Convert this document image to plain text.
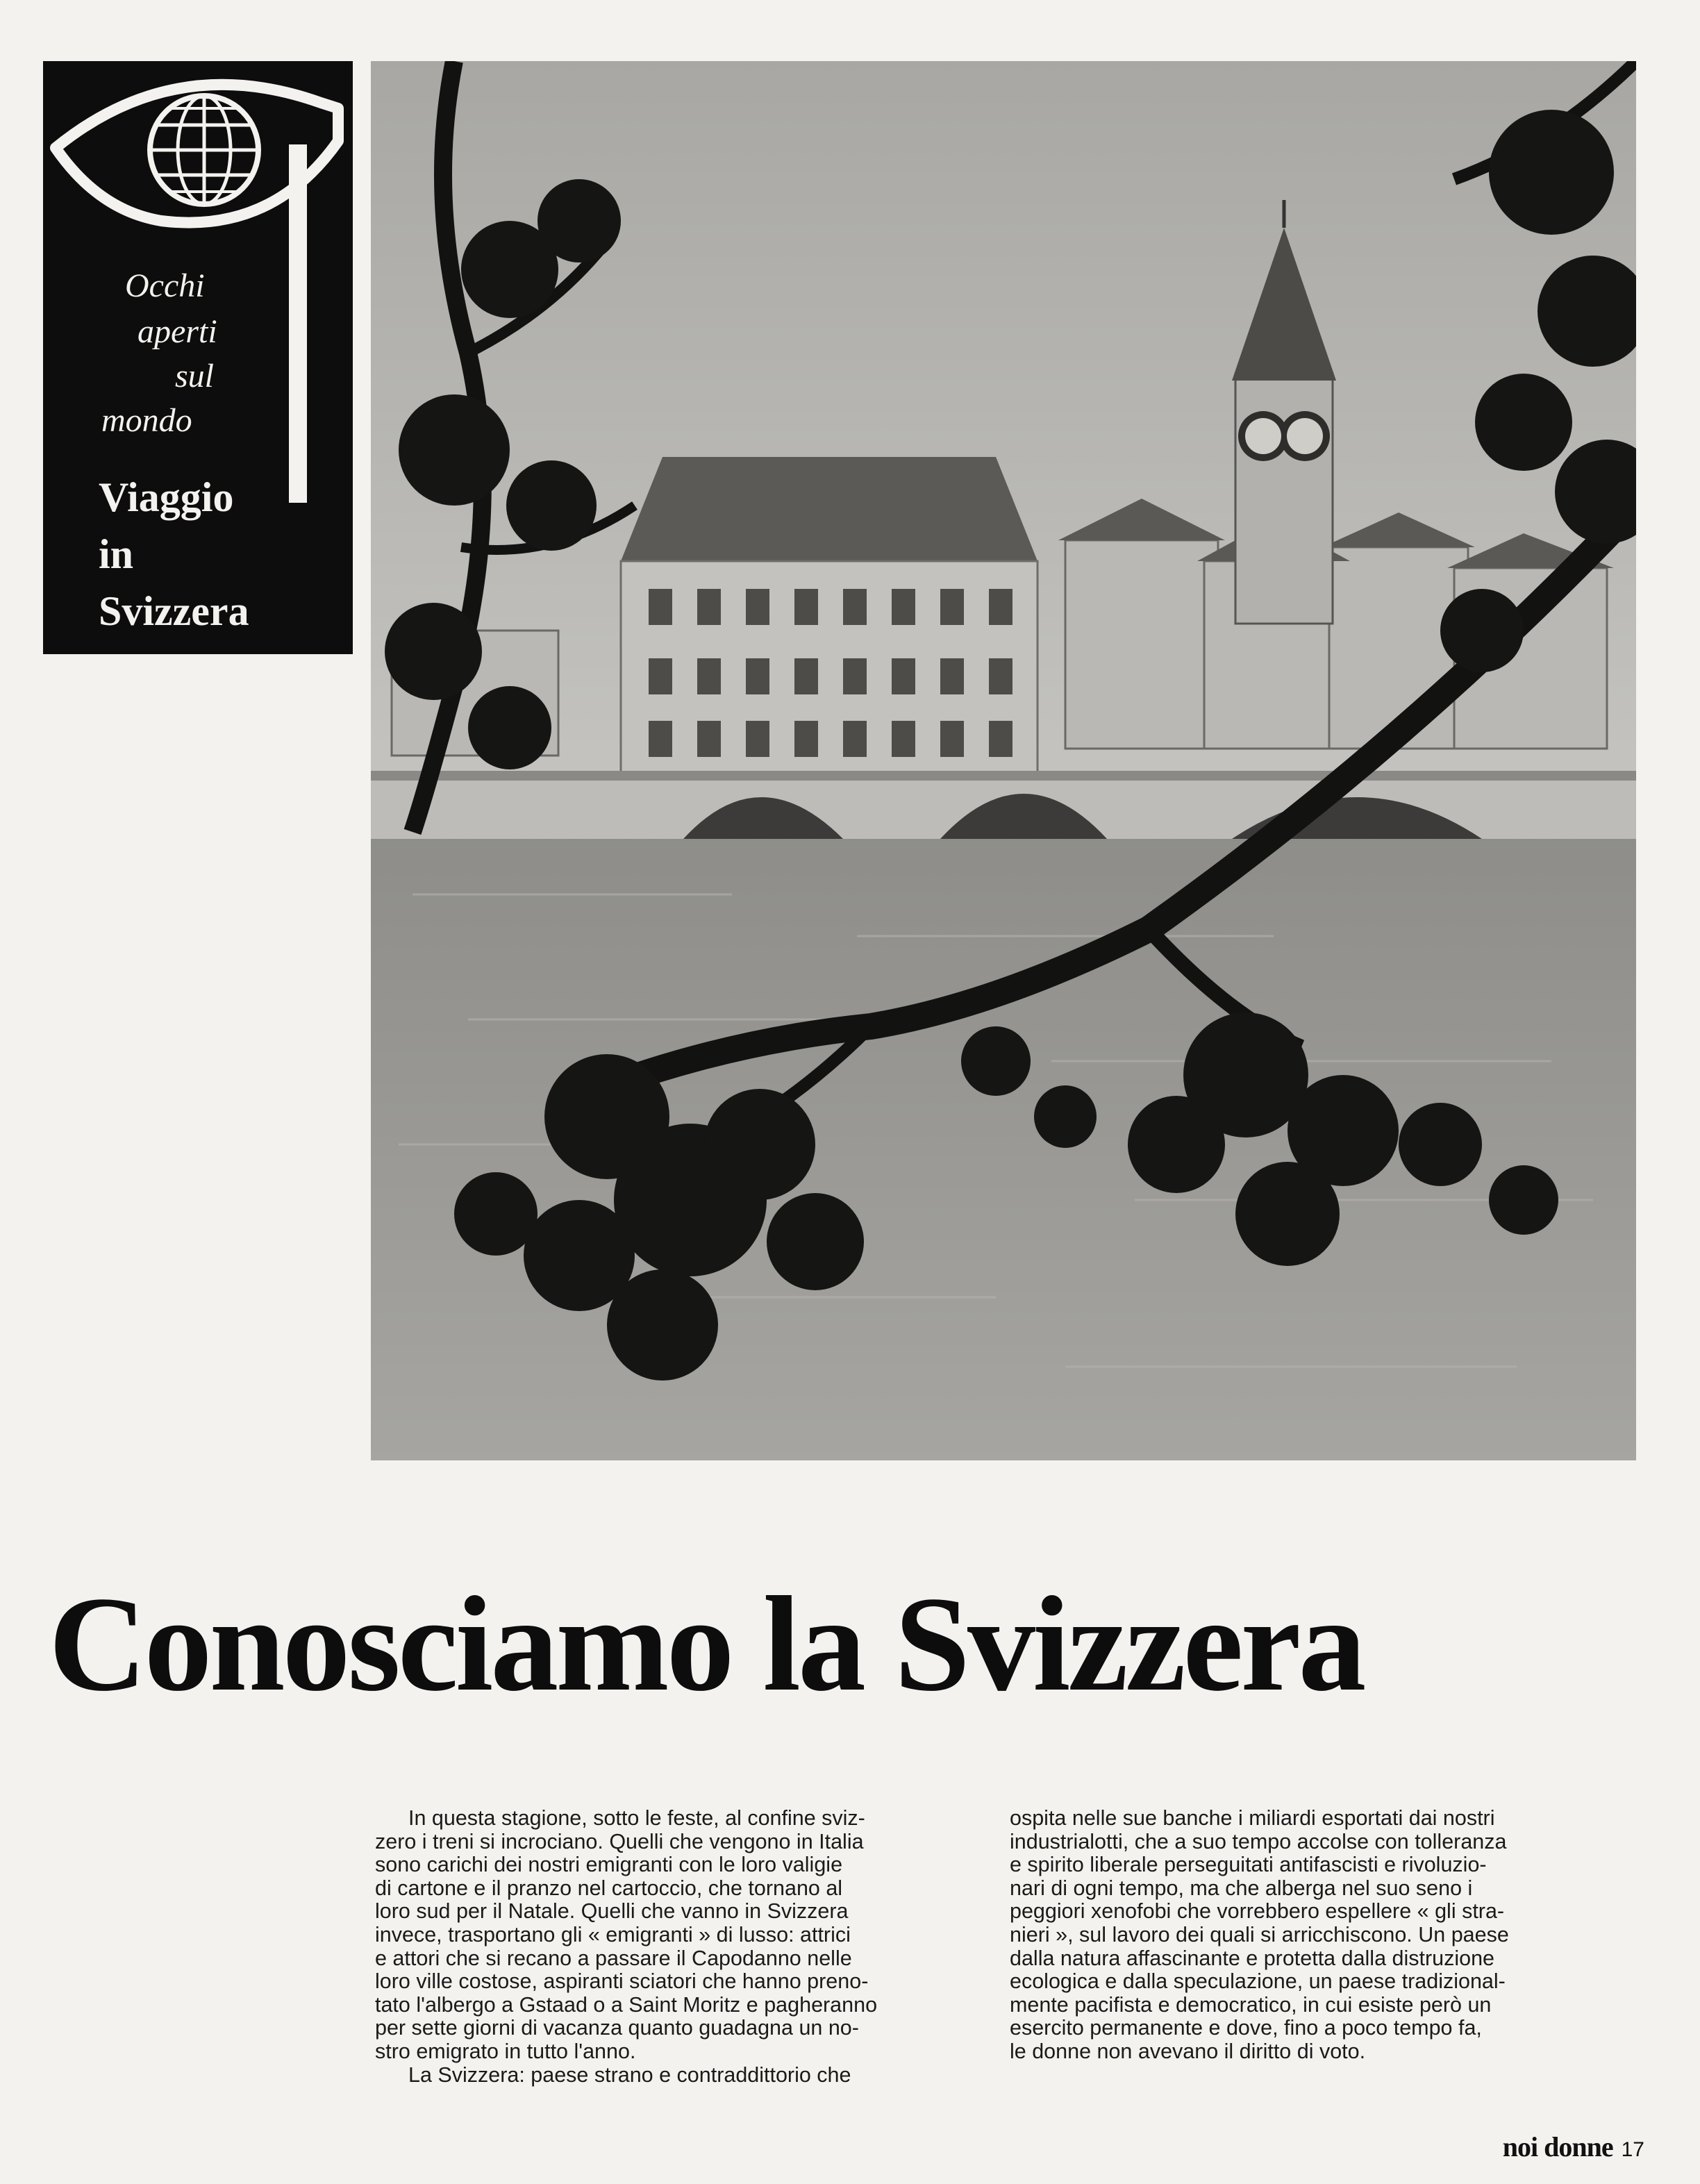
Occhi
aperti
sul
mondo
Viaggio
in
Svizzera
Conosciamo la Svizzera
In questa stagione, sotto le feste, al confine sviz-
zero i treni si incrociano. Quelli che vengono in Italia
sono carichi dei nostri emigranti con le loro valigie
di cartone e il pranzo nel cartoccio, che tornano al
loro sud per il Natale. Quelli che vanno in Svizzera
invece, trasportano gli « emigranti » di lusso: attrici
e attori che si recano a passare il Capodanno nelle
loro ville costose, aspiranti sciatori che hanno preno-
tato l'albergo a Gstaad o a Saint Moritz e pagheranno
per sette giorni di vacanza quanto guadagna un no-
stro emigrato in tutto l'anno.
La Svizzera: paese strano e contraddittorio che
ospita nelle sue banche i miliardi esportati dai nostri
industrialotti, che a suo tempo accolse con tolleranza
e spirito liberale perseguitati antifascisti e rivoluzio-
nari di ogni tempo, ma che alberga nel suo seno i
peggiori xenofobi che vorrebbero espellere « gli stra-
nieri », sul lavoro dei quali si arricchiscono. Un paese
dalla natura affascinante e protetta dalla distruzione
ecologica e dalla speculazione, un paese tradizional-
mente pacifista e democratico, in cui esiste però un
esercito permanente e dove, fino a poco tempo fa,
le donne non avevano il diritto di voto.
noi donne 17
